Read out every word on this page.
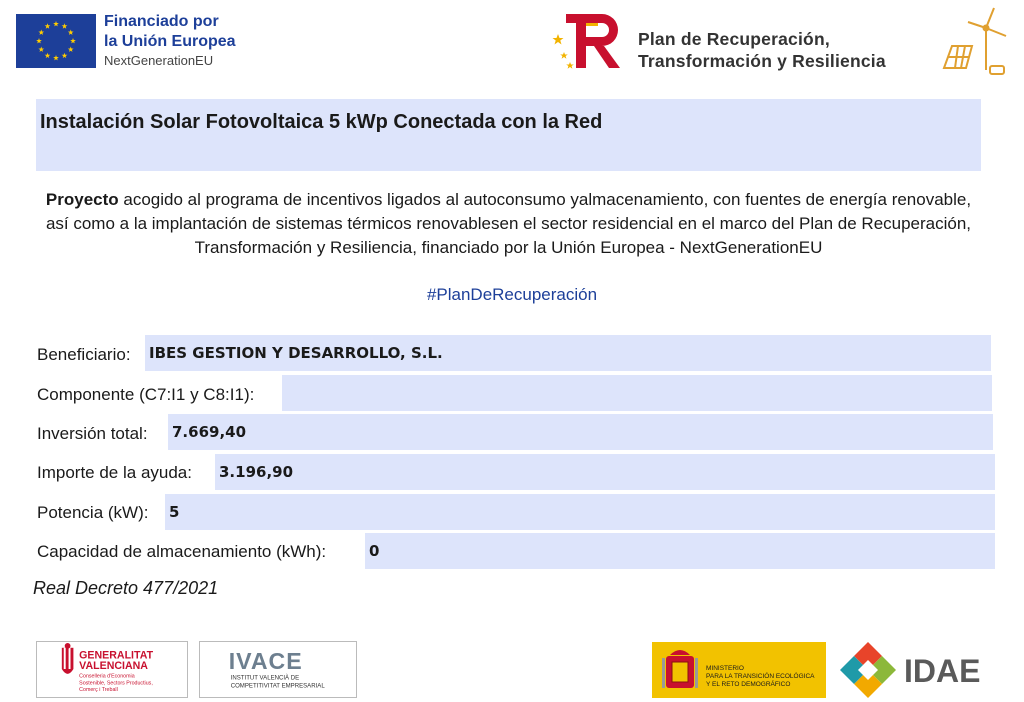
Financiado por
la Unión Europea
NextGenerationEU
Plan de Recuperación,
Transformación y Resiliencia
Instalación Solar Fotovoltaica 5 kWp Conectada con la Red
Proyecto acogido al programa de incentivos ligados al autoconsumo yalmacenamiento, con fuentes de energía renovable, así como a la implantación de sistemas térmicos renovablesen el sector residencial en el marco del Plan de Recuperación, Transformación y Resiliencia, financiado por la Unión Europea - NextGenerationEU
#PlanDeRecuperación
Beneficiario: IBES GESTION Y DESARROLLO, S.L.
Componente (C7:I1 y C8:I1):
Inversión total: 7.669,40
Importe de la ayuda: 3.196,90
Potencia (kW): 5
Capacidad de almacenamiento (kWh):	0
Real Decreto 477/2021
GENERALITAT
VALENCIANA
Conselleria d'Economia
Sostenible, Sectors Productius,
Comerç i Treball
IVACE
INSTITUT VALENCIÀ DE
COMPETITIVITAT EMPRESARIAL
MINISTERIO
PARA LA TRANSICIÓN ECOLÓGICA
Y EL RETO DEMOGRÁFICO	IDAE
